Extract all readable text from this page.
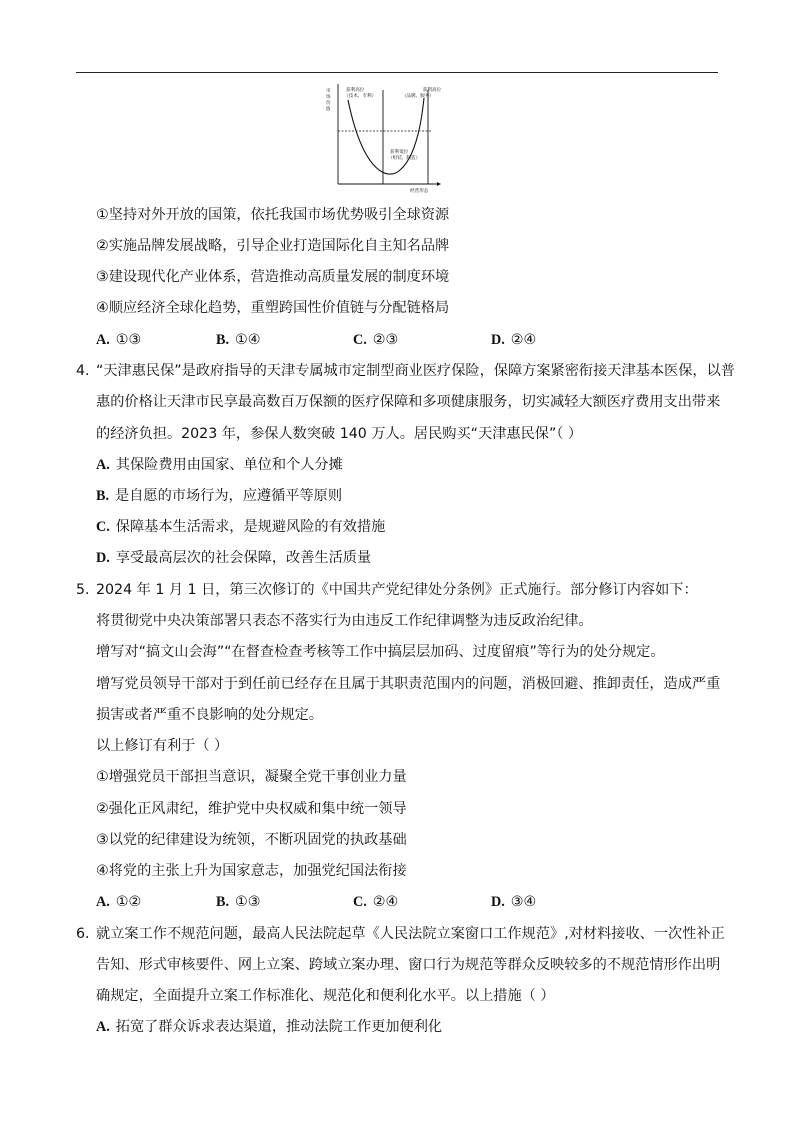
市
场
价
值
获利高位
（技术、专利）
获利高位
（品牌、服务）
获利低位
（组装、制造）
经营形态
①坚持对外开放的国策，依托我国市场优势吸引全球资源
②实施品牌发展战略，引导企业打造国际化自主知名品牌
③建设现代化产业体系，营造推动高质量发展的制度环境
④顺应经济全球化趋势，重塑跨国性价值链与分配链格局
A. ①③	B. ①④	C. ②③	D. ②④
4. “天津惠民保”是政府指导的天津专属城市定制型商业医疗保险，保障方案紧密衔接天津基本医保，以普
惠的价格让天津市民享最高数百万保额的医疗保障和多项健康服务，切实减轻大额医疗费用支出带来
的经济负担。2023 年，参保人数突破 140 万人。居民购买“天津惠民保”（ ）
A. 其保险费用由国家、单位和个人分摊
B. 是自愿的市场行为，应遵循平等原则
C. 保障基本生活需求，是规避风险的有效措施
D. 享受最高层次的社会保障，改善生活质量
5. 2024 年 1 月 1 日，第三次修订的《中国共产党纪律处分条例》正式施行。部分修订内容如下：
将贯彻党中央决策部署只表态不落实行为由违反工作纪律调整为违反政治纪律。
增写对“搞文山会海”“在督查检查考核等工作中搞层层加码、过度留痕”等行为的处分规定。
增写党员领导干部对于到任前已经存在且属于其职责范围内的问题，消极回避、推卸责任，造成严重
损害或者严重不良影响的处分规定。
以上修订有利于（ ）
①增强党员干部担当意识，凝聚全党干事创业力量
②强化正风肃纪，维护党中央权威和集中统一领导
③以党的纪律建设为统领，不断巩固党的执政基础
④将党的主张上升为国家意志，加强党纪国法衔接
A. ①②	B. ①③	C. ②④	D. ③④
6. 就立案工作不规范问题，最高人民法院起草《人民法院立案窗口工作规范》,对材料接收、一次性补正
告知、形式审核要件、网上立案、跨域立案办理、窗口行为规范等群众反映较多的不规范情形作出明
确规定，全面提升立案工作标准化、规范化和便利化水平。以上措施（ ）
A. 拓宽了群众诉求表达渠道，推动法院工作更加便利化
